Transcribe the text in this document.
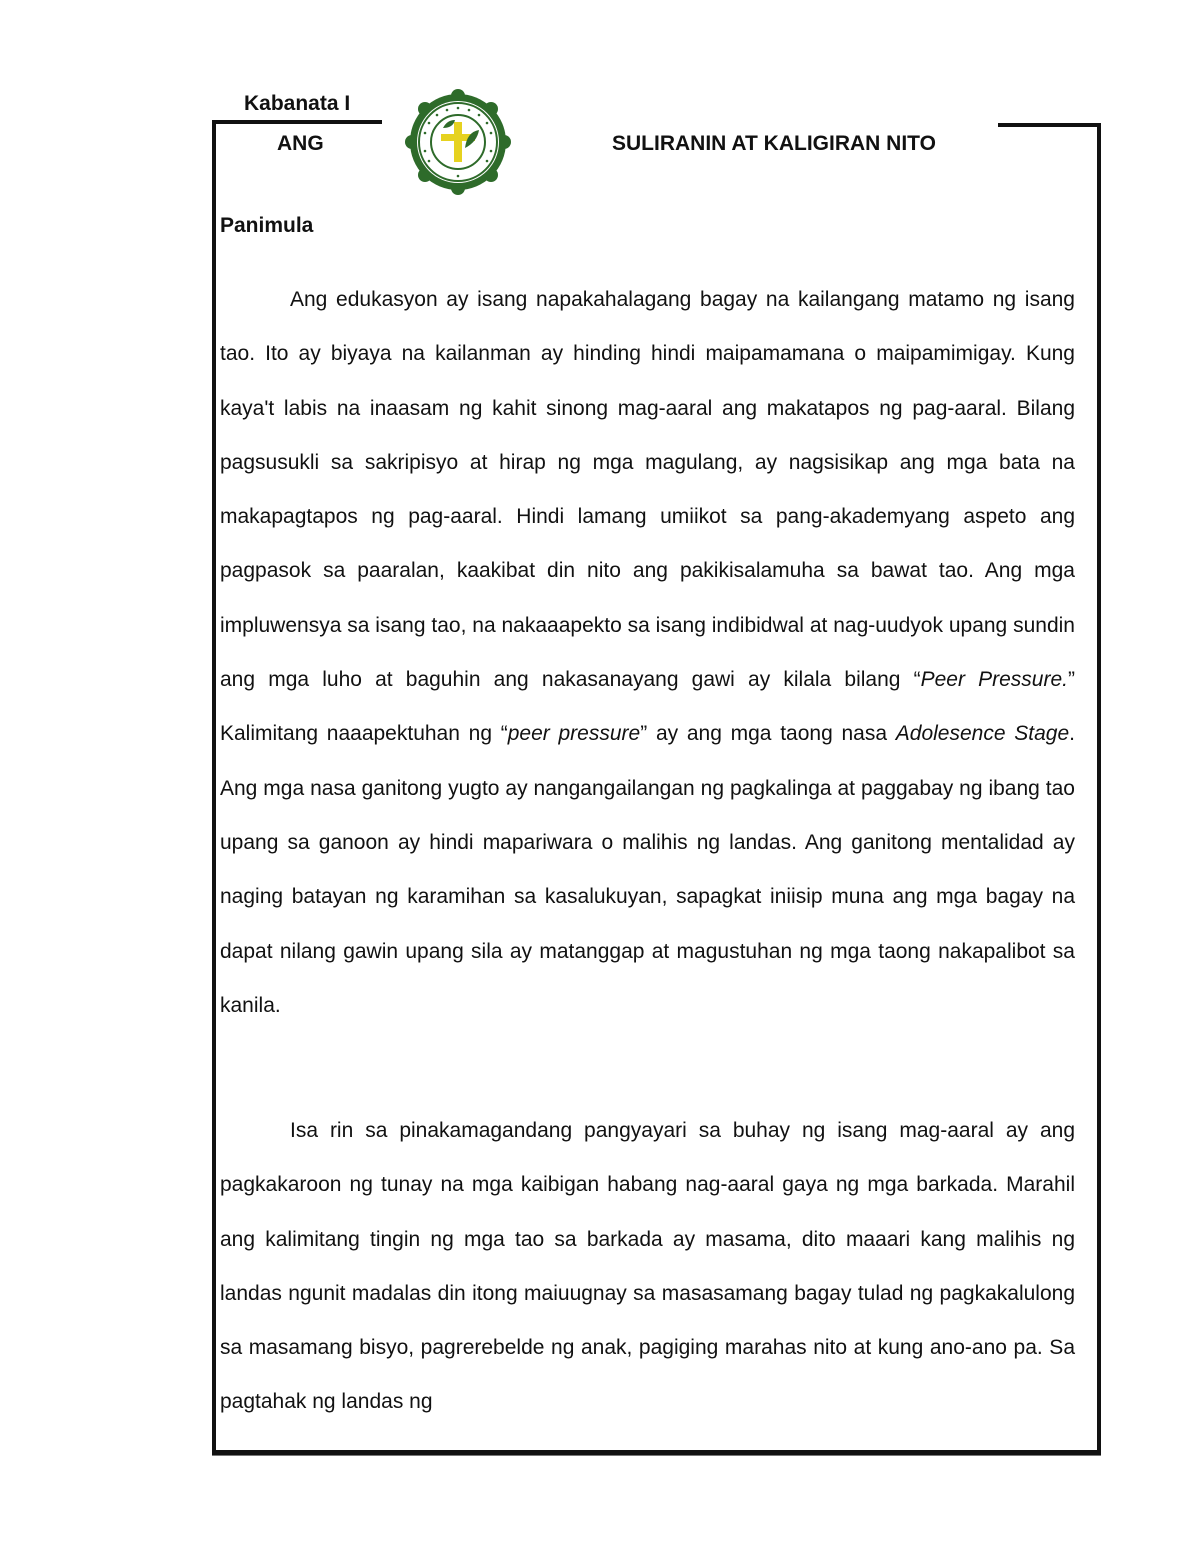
Kabanata I
ANG	SULIRANIN AT KALIGIRAN NITO
Panimula

Ang edukasyon ay isang napakahalagang bagay na kailangang matamo ng isang tao. Ito ay biyaya na kailanman ay hinding hindi maipamamana o maipamimigay. Kung kaya't labis na inaasam ng kahit sinong mag-aaral ang makatapos ng pag-aaral. Bilang pagsusukli sa sakripisyo at hirap ng mga magulang, ay nagsisikap ang mga bata na makapagtapos ng pag-aaral. Hindi lamang umiikot sa pang-akademyang aspeto ang pagpasok sa paaralan, kaakibat din nito ang pakikisalamuha sa bawat tao. Ang mga impluwensya sa isang tao, na nakaaapekto sa isang indibidwal at nag-uudyok upang sundin ang mga luho at baguhin ang nakasanayang gawi ay kilala bilang “Peer Pressure.” Kalimitang naaapektuhan ng “peer pressure” ay ang mga taong nasa Adolesence Stage. Ang mga nasa ganitong yugto ay nangangailangan ng pagkalinga at paggabay ng ibang tao upang sa ganoon ay hindi mapariwara o malihis ng landas. Ang ganitong mentalidad ay naging batayan ng karamihan sa kasalukuyan, sapagkat iniisip muna ang mga bagay na dapat nilang gawin upang sila ay matanggap at magustuhan ng mga taong nakapalibot sa kanila.

Isa rin sa pinakamagandang pangyayari sa buhay ng isang mag-aaral ay ang pagkakaroon ng tunay na mga kaibigan habang nag-aaral gaya ng mga barkada. Marahil ang kalimitang tingin ng mga tao sa barkada ay masama, dito maaari kang malihis ng landas ngunit madalas din itong maiuugnay sa masasamang bagay tulad ng pagkakalulong sa masamang bisyo, pagrerebelde ng anak, pagiging marahas nito at kung ano-ano pa. Sa pagtahak ng landas ng
